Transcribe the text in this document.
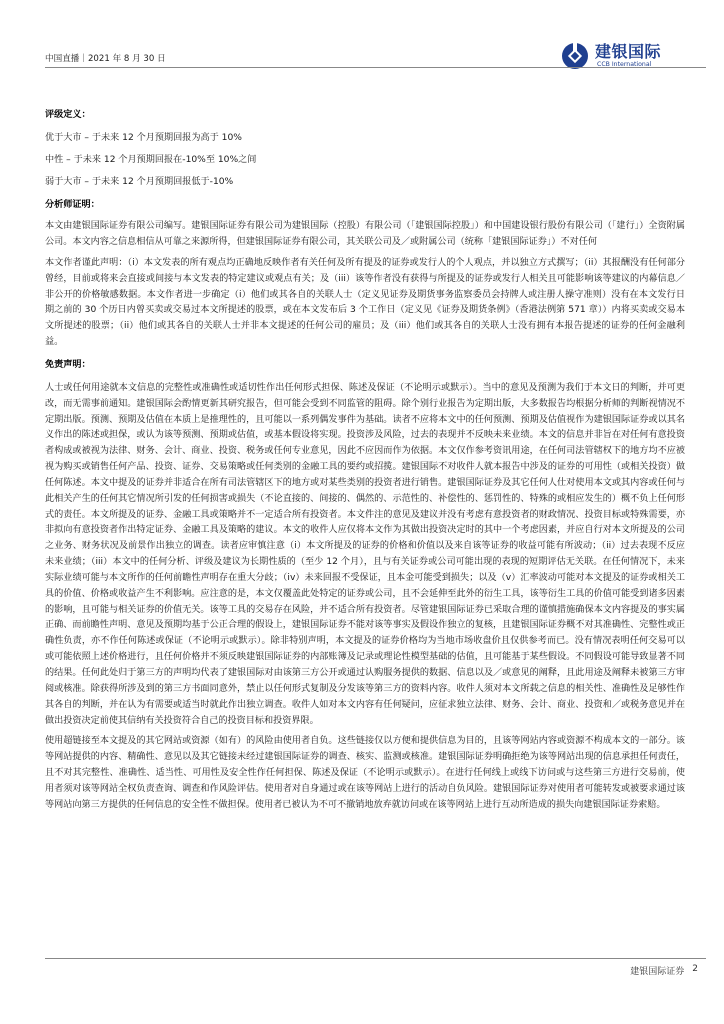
中国直播｜2021 年 8 月 30 日	建银国际
CCB International
评级定义：
优于大市 – 于未来 12 个月预期回报为高于 10%
中性 – 于未来 12 个月预期回报在-10%至 10%之间
弱于大市 – 于未来 12 个月预期回报低于-10%
分析师证明：
本文由建银国际证券有限公司编写。建银国际证券有限公司为建银国际（控股）有限公司（「建银国际控股」）和中国建设银行股份有限公司（「建行」）全资附属公司。本文内容之信息相信从可靠之来源所得，但建银国际证券有限公司，其关联公司及／或附属公司（统称「建银国际证券」）不对任何
本文作者谨此声明：（i）本文发表的所有观点均正确地反映作者有关任何及所有提及的证券或发行人的个人观点，并以独立方式撰写；（ii）其报酬没有任何部分曾经，目前或将来会直接或间接与本文发表的特定建议或观点有关；及（iii）该等作者没有获得与所提及的证券或发行人相关且可能影响该等建议的内幕信息／非公开的价格敏感数据。本文作者进一步确定（i）他们或其各自的关联人士（定义见证券及期货事务监察委员会持牌人或注册人操守准则）没有在本文发行日期之前的 30 个历日内曾买卖或交易过本文所提述的股票，或在本文发布后 3 个工作日（定义见《证券及期货条例》（香港法例第 571 章））内将买卖或交易本文所提述的股票；（ii）他们或其各自的关联人士并非本文提述的任何公司的雇员；及（iii）他们或其各自的关联人士没有拥有本报告提述的证券的任何金融利益。
免责声明：
人士或任何用途就本文信息的完整性或准确性或适切性作出任何形式担保、陈述及保证（不论明示或默示）。当中的意见及预测为我们于本文日的判断，并可更改，而无需事前通知。建银国际会酌情更新其研究报告，但可能会受到不同监管的阻碍。除个别行业报告为定期出版，大多数报告均根据分析师的判断视情况不定期出版。预测、预期及估值在本质上是推理性的，且可能以一系列偶发事件为基础。读者不应将本文中的任何预测、预期及估值视作为建银国际证券或以其名义作出的陈述或担保，或认为该等预测、预期或估值，或基本假设将实现。投资涉及风险，过去的表现并不反映未来业绩。本文的信息并非旨在对任何有意投资者构成或被视为法律、财务、会计、商业、投资、税务或任何专业意见，因此不应因而作为依据。本文仅作参考资讯用途，在任何司法管辖权下的地方均不应被视为购买或销售任何产品、投资、证券、交易策略或任何类别的金融工具的要约或招揽。建银国际不对收件人就本报告中涉及的证券的可用性（或相关投资）做任何陈述。本文中提及的证券并非适合在所有司法管辖区下的地方或对某些类别的投资者进行销售。建银国际证券及其它任何人仕对使用本文或其内容或任何与此相关产生的任何其它情况所引发的任何损害或损失（不论直接的、间接的、偶然的、示范性的、补偿性的、惩罚性的、特殊的或相应发生的）概不负上任何形式的责任。本文所提及的证券、金融工具或策略并不一定适合所有投资者。本文件注的意见及建议并没有考虑有意投资者的财政情况、投资目标或特殊需要，亦非拟向有意投资者作出特定证券、金融工具及策略的建议。本文的收件人应仅将本文作为其做出投资决定时的其中一个考虑因素，并应自行对本文所提及的公司之业务、财务状况及前景作出独立的调查。读者应审慎注意（i）本文所提及的证券的价格和价值以及来自该等证券的收益可能有所波动；（ii）过去表现不反应未来业绩；（iii）本文中的任何分析、评级及建议为长期性质的（至少 12 个月），且与有关证券或公司可能出现的表现的短期评估无关联。在任何情况下，未来实际业绩可能与本文所作的任何前瞻性声明存在重大分歧；（iv）未来回报不受保证，且本金可能受到损失；以及（v）汇率波动可能对本文提及的证券或相关工具的价值、价格或收益产生不利影响。应注意的是，本文仅覆盖此处特定的证券或公司，且不会延伸至此外的衍生工具，该等衍生工具的价值可能受到诸多因素的影响，且可能与相关证券的价值无关。该等工具的交易存在风险，并不适合所有投资者。尽管建银国际证券已采取合理的谨慎措施确保本文内容提及的事实属正确、而前瞻性声明、意见及预期均基于公正合理的假设上，建银国际证券不能对该等事实及假设作独立的复核，且建银国际证券概不对其准确性、完整性或正确性负责，亦不作任何陈述或保证（不论明示或默示）。除非特别声明，本文提及的证券价格均为当地市场收盘价且仅供参考而已。没有情况表明任何交易可以或可能依照上述价格进行，且任何价格并不须反映建银国际证券的内部账簿及记录或理论性模型基础的估值，且可能基于某些假设。不同假设可能导致显著不同的结果。任何此处归于第三方的声明均代表了建银国际对由该第三方公开或通过认购服务提供的数据、信息以及／或意见的阐释，且此用途及阐释未被第三方审阅或核准。除获得所涉及到的第三方书面同意外，禁止以任何形式复制及分发该等第三方的资料内容。收件人须对本文所载之信息的相关性、准确性及足够性作其各自的判断，并在认为有需要或适当时就此作出独立调查。收件人如对本文内容有任何疑问，应征求独立法律、财务、会计、商业、投资和／或税务意见并在做出投资决定前使其信纳有关投资符合自己的投资目标和投资界限。
使用超链接至本文提及的其它网站或资源（如有）的风险由使用者自负。这些链接仅以方便和提供信息为目的，且该等网站内容或资源不构成本文的一部分。该等网站提供的内容、精确性、意见以及其它链接未经过建银国际证券的调查、核实、监测或核准。建银国际证券明确拒绝为该等网站出现的信息承担任何责任，且不对其完整性、准确性、适当性、可用性及安全性作任何担保、陈述及保证（不论明示或默示）。在进行任何线上或线下访问或与这些第三方进行交易前，使用者须对该等网站全权负责查询、调查和作风险评估。使用者对自身通过或在该等网站上进行的活动自负风险。建银国际证券对使用者可能转发或被要求通过该等网站向第三方提供的任何信息的安全性不做担保。使用者已被认为不可不撤销地放弃就访问或在该等网站上进行互动所造成的损失向建银国际证券索赔。
建银国际证券 2
